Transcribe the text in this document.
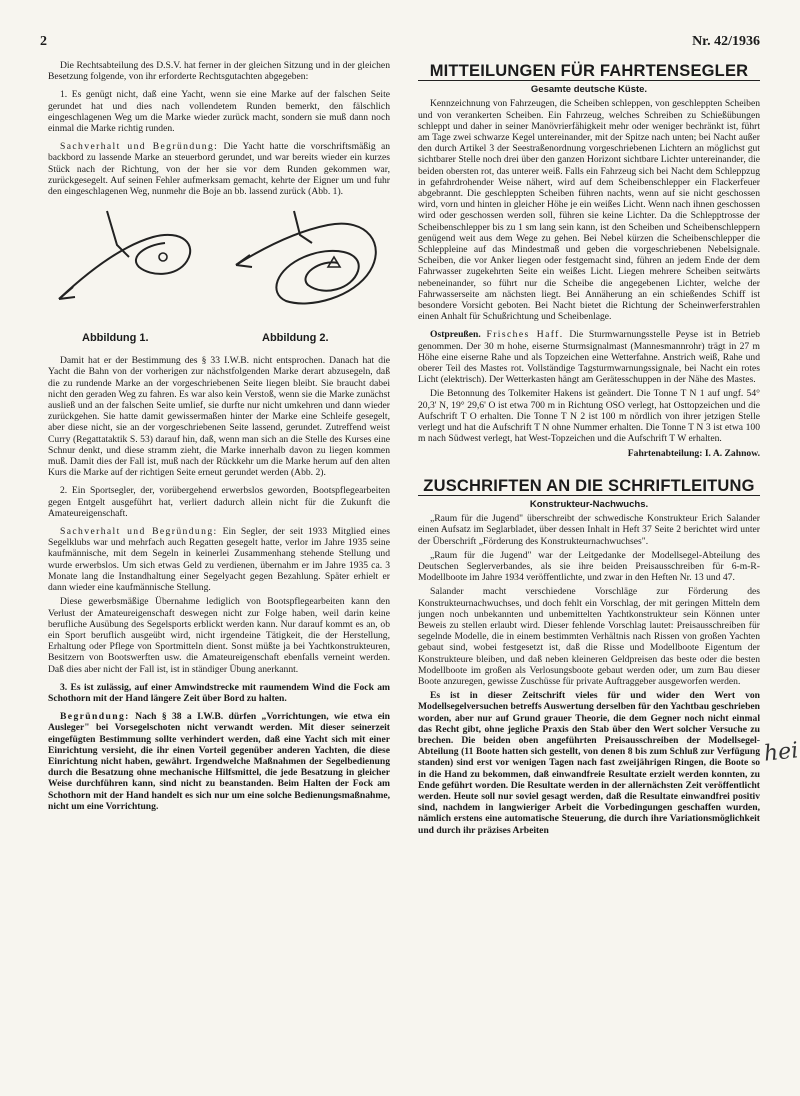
2	Nr. 42/1936

Die Rechtsabteilung des D.S.V. hat ferner in der gleichen Sitzung und in der gleichen Besetzung folgende, von ihr erforderte Rechtsgutachten abgegeben:

1. Es genügt nicht, daß eine Yacht, wenn sie eine Marke auf der falschen Seite gerundet hat und dies nach vollendetem Runden bemerkt, den fälschlich eingeschlagenen Weg um die Marke wieder zurück macht, sondern sie muß dann noch einmal die Marke richtig runden.

Sachverhalt und Begründung: Die Yacht hatte die vorschriftsmäßig an backbord zu lassende Marke an steuerbord gerundet, und war bereits wieder ein kurzes Stück nach der Richtung, von der her sie vor dem Runden gekommen war, zurückgesegelt. Auf seinen Fehler aufmerksam gemacht, kehrte der Eigner um und fuhr den eingeschlagenen Weg, nunmehr die Boje an bb. lassend zurück (Abb. 1).

Abbildung 1.	Abbildung 2.

Damit hat er der Bestimmung des § 33 I.W.B. nicht entsprochen. Danach hat die Yacht die Bahn von der vorherigen zur nächstfolgenden Marke derart abzusegeln, daß die zu rundende Marke an der vorgeschriebenen Seite liegen bleibt. Sie braucht dabei nicht den geraden Weg zu fahren. Es war also kein Verstoß, wenn sie die Marke zunächst ausließ und an der falschen Seite umlief, sie durfte nur nicht umkehren und dann wieder zurückgehen. Sie hatte damit gewissermaßen hinter der Marke eine Schleife gesegelt, aber diese nicht, sie an der vorgeschriebenen Seite lassend, gerundet. Zutreffend weist Curry (Regattataktik S. 53) darauf hin, daß, wenn man sich an die Stelle des Kurses eine Schnur denkt, und diese stramm zieht, die Marke innerhalb davon zu liegen kommen muß. Damit dies der Fall ist, muß nach der Rückkehr um die Marke herum auf den alten Kurs die Marke auf der richtigen Seite erneut gerundet werden (Abb. 2).

2. Ein Sportsegler, der, vorübergehend erwerbslos geworden, Bootspflegearbeiten gegen Entgelt ausgeführt hat, verliert dadurch allein nicht für die Zukunft die Amateureigenschaft.

Sachverhalt und Begründung: Ein Segler, der seit 1933 Mitglied eines Segelklubs war und mehrfach auch Regatten gesegelt hatte, verlor im Jahre 1935 seine kaufmännische, mit dem Segeln in keinerlei Zusammenhang stehende Stellung und wurde erwerbslos. Um sich etwas Geld zu verdienen, übernahm er im Jahre 1935 ca. 3 Monate lang die Instandhaltung einer Segelyacht gegen Bezahlung. Später erhielt er dann wieder eine kaufmännische Stellung.

Diese gewerbsmäßige Übernahme lediglich von Bootspflegearbeiten kann den Verlust der Amateureigenschaft deswegen nicht zur Folge haben, weil darin keine berufliche Ausübung des Segelsports erblickt werden kann. Nur darauf kommt es an, ob ein Sport beruflich ausgeübt wird, nicht irgendeine Tätigkeit, die der Herstellung, Erhaltung oder Pflege von Sportmitteln dient. Sonst müßte ja bei Yachtkonstrukteuren, Besitzern von Bootswerften usw. die Amateureigenschaft ebenfalls verneint werden. Daß dies aber nicht der Fall ist, ist in ständiger Übung anerkannt.

3. Es ist zulässig, auf einer Amwindstrecke mit raumendem Wind die Fock am Schothorn mit der Hand längere Zeit über Bord zu halten.

Begründung: Nach § 38 a I.W.B. dürfen „Vorrichtungen, wie etwa ein Ausleger" bei Vorsegelschoten nicht verwandt werden. Mit dieser seinerzeit eingefügten Bestimmung sollte verhindert werden, daß eine Yacht sich mit einer Einrichtung versieht, die ihr einen Vorteil gegenüber anderen Yachten, die diese Einrichtung nicht haben, gewährt. Irgendwelche Maßnahmen der Segelbedienung durch die Besatzung ohne mechanische Hilfsmittel, die jede Besatzung in gleicher Weise durchführen kann, sind nicht zu beanstanden. Beim Halten der Fock am Schothorn mit der Hand handelt es sich nur um eine solche Bedienungsmaßnahme, nicht um eine Vorrichtung.

MITTEILUNGEN FÜR FAHRTENSEGLER
Gesamte deutsche Küste.

Kennzeichnung von Fahrzeugen, die Scheiben schleppen, von geschleppten Scheiben und von verankerten Scheiben. Ein Fahrzeug, welches Schreiben zu Schießübungen schleppt und daher in seiner Manövrierfähigkeit mehr oder weniger bechränkt ist, führt am Tage zwei schwarze Kegel untereinander, mit der Spitze nach unten; bei Nacht außer den durch Artikel 3 der Seestraßenordnung vorgeschriebenen Lichtern an möglichst gut sichtbarer Stelle noch drei über den ganzen Horizont sichtbare Lichter untereinander, die beiden obersten rot, das unterer weiß. Falls ein Fahrzeug sich bei Nacht dem Schleppzug in gefahrdrohender Weise nähert, wird auf dem Scheibenschlepper ein Flackerfeuer abgebrannt. Die geschleppten Scheiben führen nachts, wenn auf sie nicht geschossen wird, vorn und hinten in gleicher Höhe je ein weißes Licht. Wenn nach ihnen geschossen wird oder geschossen werden soll, führen sie keine Lichter. Da die Schlepptrosse der Scheibenschlepper bis zu 1 sm lang sein kann, ist den Scheiben und Scheibenschleppern genügend weit aus dem Wege zu gehen. Bei Nebel kürzen die Scheibenschlepper die Schleppleine auf das Mindestmaß und geben die vorgeschriebenen Nebelsignale. Scheiben, die vor Anker liegen oder festgemacht sind, führen an jedem Ende der dem Fahrwasser zugekehrten Seite ein weißes Licht. Liegen mehrere Scheiben seitwärts nebeneinander, so führt nur die Scheibe die angegebenen Lichter, welche der Fahrwasserseite am nächsten liegt. Bei Annäherung an ein schießendes Schiff ist besondere Vorsicht geboten. Bei Nacht bietet die Richtung der Scheinwerferstrahlen einen Anhalt für Schußrichtung und Scheibenlage.

Ostpreußen. Frisches Haff. Die Sturmwarnungsstelle Peyse ist in Betrieb genommen. Der 30 m hohe, eiserne Sturmsignalmast (Mannesmannrohr) trägt in 27 m Höhe eine eiserne Rahe und als Topzeichen eine Wetterfahne. Anstrich weiß, Rahe und oberer Teil des Mastes rot. Vollständige Tagsturmwarnungssignale, bei Nacht ein rotes Licht (elektrisch). Der Wetterkasten hängt am Gerätesschuppen in der Nähe des Mastes.

Die Betonnung des Tolkemiter Hakens ist geändert. Die Tonne T N 1 auf ungf. 54° 20,3' N, 19° 29,6' O ist etwa 700 m in Richtung OSO verlegt, hat Osttopzeichen und die Aufschrift T O erhalten. Die Tonne T N 2 ist 100 m nördlich von ihrer jetzigen Stelle verlegt und hat die Aufschrift T N ohne Nummer erhalten. Die Tonne T N 3 ist etwa 100 m nach Südwest verlegt, hat West-Topzeichen und die Aufschrift T W erhalten.

Fahrtenabteilung: I. A. Zahnow.

ZUSCHRIFTEN AN DIE SCHRIFTLEITUNG
Konstrukteur-Nachwuchs.

„Raum für die Jugend" überschreibt der schwedische Konstrukteur Erich Salander einen Aufsatz im Seglarbladet, über dessen Inhalt in Heft 37 Seite 2 berichtet wird unter der Überschrift „Förderung des Konstrukteurnachwuchses".

„Raum für die Jugend" war der Leitgedanke der Modellsegel-Abteilung des Deutschen Seglerverbandes, als sie ihre beiden Preisausschreiben für 6-m-R-Modellboote im Jahre 1934 veröffentlichte, und zwar in den Heften Nr. 13 und 47.

Salander macht verschiedene Vorschläge zur Förderung des Konstrukteurnachwuchses, und doch fehlt ein Vorschlag, der mit geringen Mitteln dem jungen noch unbekannten und unbemittelten Yachtkonstrukteur sein Können unter Beweis zu stellen erlaubt wird. Dieser fehlende Vorschlag lautet: Preisausschreiben für segelnde Modelle, die in einem bestimmten Verhältnis nach Rissen von großen Yachten gebaut sind, wobei festgesetzt ist, daß die Risse und Modellboote Eigentum der Konstrukteure bleiben, und daß neben kleineren Geldpreisen das beste oder die besten Modellboote im großen als Verlosungsboote gebaut werden oder, um zum Bau dieser Boote anzuregen, gewisse Zuschüsse für private Auftraggeber ausgeworfen werden.

Es ist in dieser Zeitschrift vieles für und wider den Wert von Modellsegelversuchen betreffs Auswertung derselben für den Yachtbau geschrieben worden, aber nur auf Grund grauer Theorie, die dem Gegner noch nicht einmal das Recht gibt, ohne jegliche Praxis den Stab über den Wert solcher Versuche zu brechen. Die beiden oben angeführten Preisausschreiben der Modellsegel-Abteilung (11 Boote hatten sich gestellt, von denen 8 bis zum Schluß zur Verfügung standen) sind erst vor wenigen Tagen nach fast zweijährigen Ringen, die Boote so in die Hand zu bekommen, daß einwandfreie Resultate erzielt werden konnten, zu Ende geführt worden. Die Resultate werden in der allernächsten Zeit veröffentlicht werden. Heute soll nur soviel gesagt werden, daß die Resultate einwandfrei positiv sind, nachdem in langwieriger Arbeit die Vorbedingungen geschaffen wurden, nämlich erstens eine automatische Steuerung, die durch ihre Variationsmöglichkeit und durch ihr präzises Arbeiten

hei
